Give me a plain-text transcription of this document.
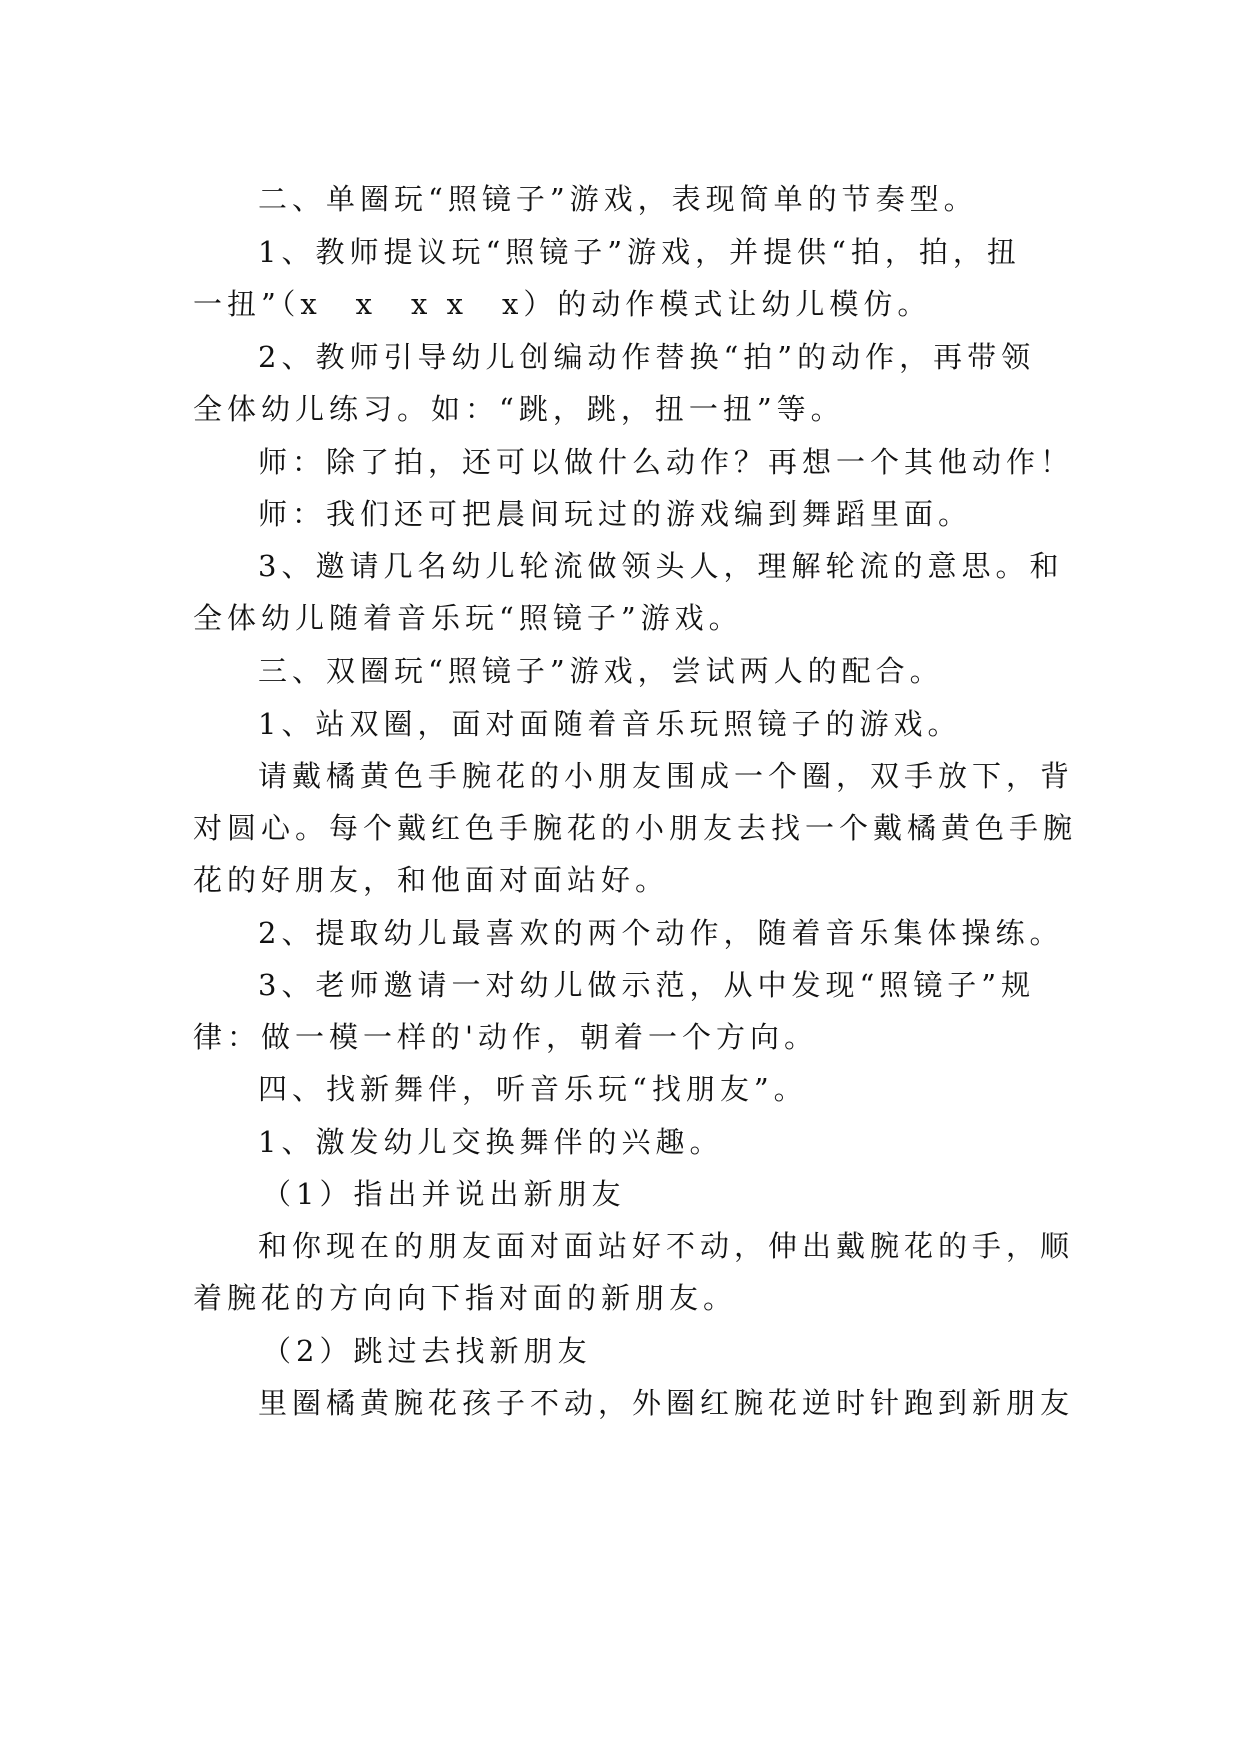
二、单圈玩“照镜子”游戏，表现简单的节奏型。

1、教师提议玩“照镜子”游戏，并提供“拍，拍，扭

一扭”（x　x　x x　x）的动作模式让幼儿模仿。

2、教师引导幼儿创编动作替换“拍”的动作，再带领

全体幼儿练习。如：“跳，跳，扭一扭”等。

师：除了拍，还可以做什么动作？再想一个其他动作！

师：我们还可把晨间玩过的游戏编到舞蹈里面。

3、邀请几名幼儿轮流做领头人，理解轮流的意思。和

全体幼儿随着音乐玩“照镜子”游戏。

三、双圈玩“照镜子”游戏，尝试两人的配合。

1、站双圈，面对面随着音乐玩照镜子的游戏。

请戴橘黄色手腕花的小朋友围成一个圈，双手放下，背

对圆心。每个戴红色手腕花的小朋友去找一个戴橘黄色手腕

花的好朋友，和他面对面站好。

2、提取幼儿最喜欢的两个动作，随着音乐集体操练。

3、老师邀请一对幼儿做示范，从中发现“照镜子”规

律：做一模一样的'动作，朝着一个方向。

四、找新舞伴，听音乐玩“找朋友”。

1、激发幼儿交换舞伴的兴趣。

（1）指出并说出新朋友

和你现在的朋友面对面站好不动，伸出戴腕花的手，顺

着腕花的方向向下指对面的新朋友。

（2）跳过去找新朋友

里圈橘黄腕花孩子不动，外圈红腕花逆时针跑到新朋友
